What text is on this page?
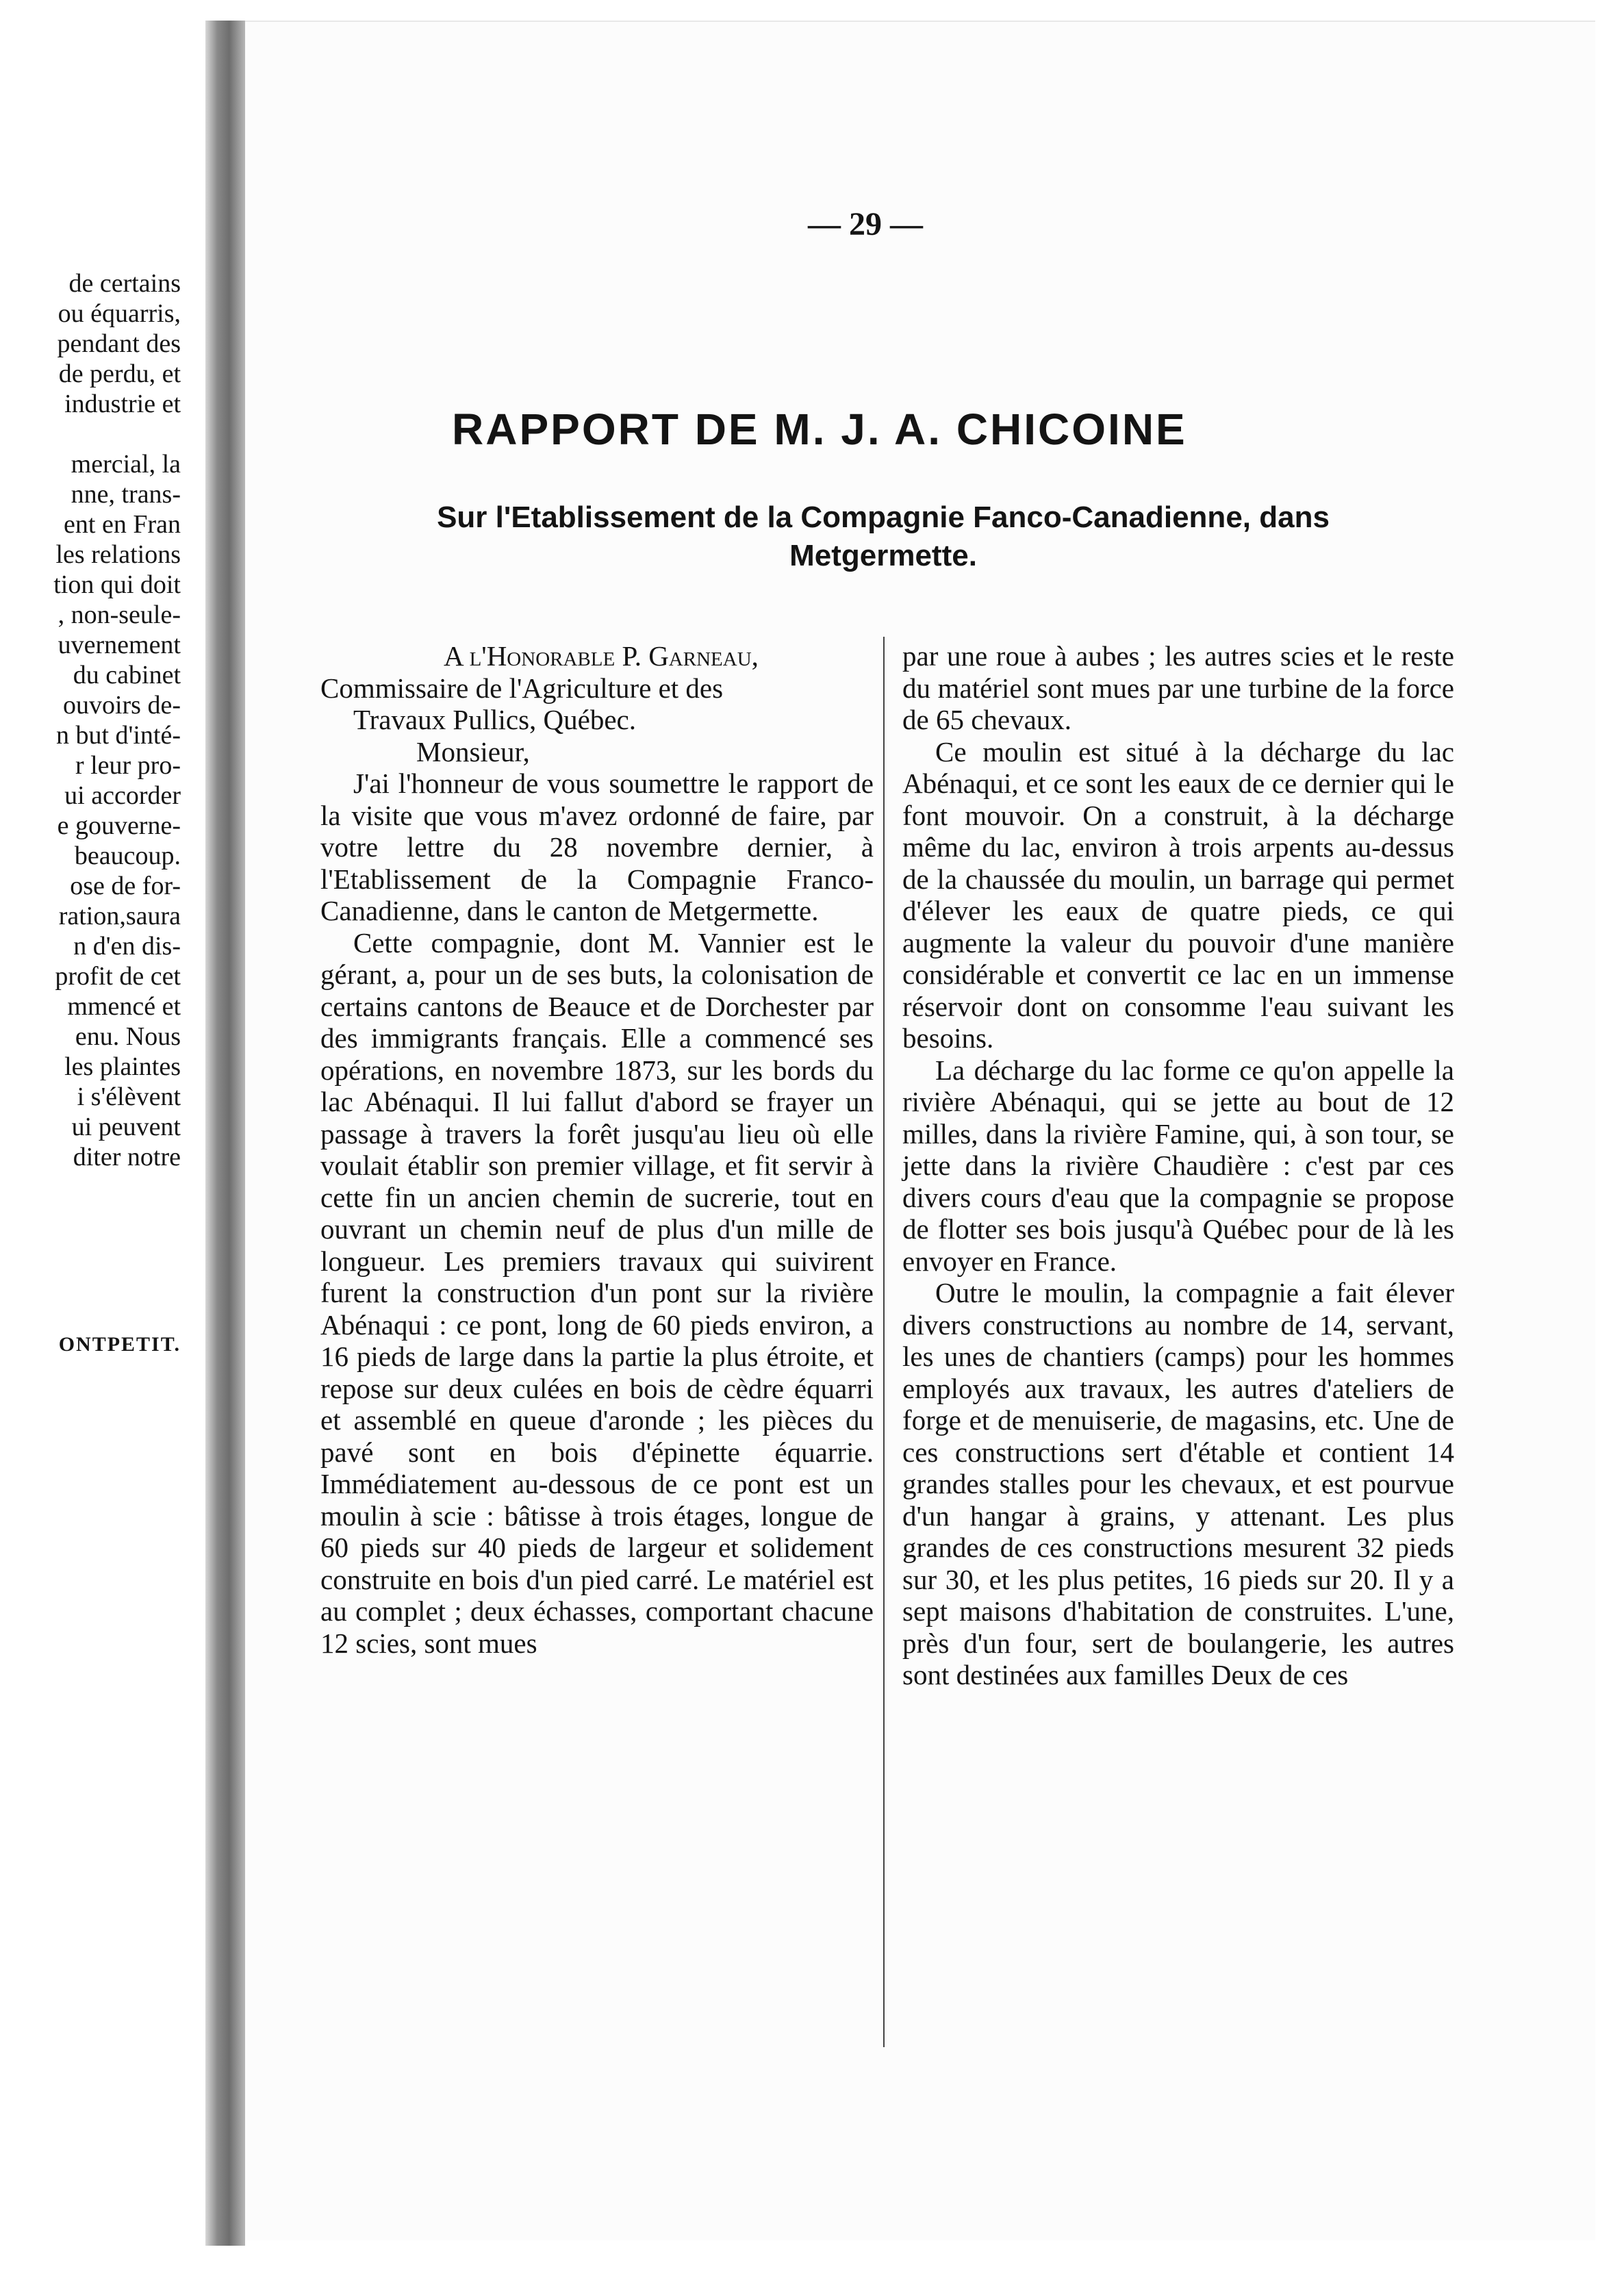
de certains
ou équarris,
pendant des
de perdu, et
industrie et

mercial, la
nne, trans-
ent en Fran
les relations
tion qui doit
, non-seule-
uvernement
du cabinet
ouvoirs de-
n but d'inté-
r leur pro-
ui accorder
e gouverne-
beaucoup.
ose de for-
ration,saura
n d'en dis-
profit de cet
mmencé et
enu. Nous
les plaintes
i s'élèvent
ui peuvent
diter notre
ONTPETIT.
— 29 —
RAPPORT DE M. J. A. CHICOINE
Sur l'Etablissement de la Compagnie Fanco-Canadienne, dans Metgermette.

A l'Honorable P. Garneau,

Commissaire de l'Agriculture et des

Travaux Pullics, Québec.

Monsieur,

J'ai l'honneur de vous soumettre le rapport de la visite que vous m'avez ordonné de faire, par votre lettre du 28 novembre dernier, à l'Etablissement de la Compagnie Franco-Canadienne, dans le canton de Metgermette.

Cette compagnie, dont M. Vannier est le gérant, a, pour un de ses buts, la colonisation de certains cantons de Beauce et de Dorchester par des immigrants français. Elle a commencé ses opérations, en novembre 1873, sur les bords du lac Abénaqui. Il lui fallut d'abord se frayer un passage à travers la forêt jusqu'au lieu où elle voulait établir son premier village, et fit servir à cette fin un ancien chemin de sucrerie, tout en ouvrant un chemin neuf de plus d'un mille de longueur. Les premiers travaux qui suivirent furent la construction d'un pont sur la rivière Abénaqui : ce pont, long de 60 pieds environ, a 16 pieds de large dans la partie la plus étroite, et repose sur deux culées en bois de cèdre équarri et assemblé en queue d'aronde ; les pièces du pavé sont en bois d'épinette équarrie. Immédiatement au-dessous de ce pont est un moulin à scie : bâtisse à trois étages, longue de 60 pieds sur 40 pieds de largeur et solidement construite en bois d'un pied carré. Le matériel est au complet ; deux échasses, comportant chacune 12 scies, sont mues

par une roue à aubes ; les autres scies et le reste du matériel sont mues par une turbine de la force de 65 chevaux.

Ce moulin est situé à la décharge du lac Abénaqui, et ce sont les eaux de ce dernier qui le font mouvoir. On a construit, à la décharge même du lac, environ à trois arpents au-dessus de la chaussée du moulin, un barrage qui permet d'élever les eaux de quatre pieds, ce qui augmente la valeur du pouvoir d'une manière considérable et convertit ce lac en un immense réservoir dont on consomme l'eau suivant les besoins.

La décharge du lac forme ce qu'on appelle la rivière Abénaqui, qui se jette au bout de 12 milles, dans la rivière Famine, qui, à son tour, se jette dans la rivière Chaudière : c'est par ces divers cours d'eau que la compagnie se propose de flotter ses bois jusqu'à Québec pour de là les envoyer en France.

Outre le moulin, la compagnie a fait élever divers constructions au nombre de 14, servant, les unes de chantiers (camps) pour les hommes employés aux travaux, les autres d'ateliers de forge et de menuiserie, de magasins, etc. Une de ces constructions sert d'étable et contient 14 grandes stalles pour les chevaux, et est pourvue d'un hangar à grains, y attenant. Les plus grandes de ces constructions mesurent 32 pieds sur 30, et les plus petites, 16 pieds sur 20. Il y a sept maisons d'habitation de construites. L'une, près d'un four, sert de boulangerie, les autres sont destinées aux familles Deux de ces
